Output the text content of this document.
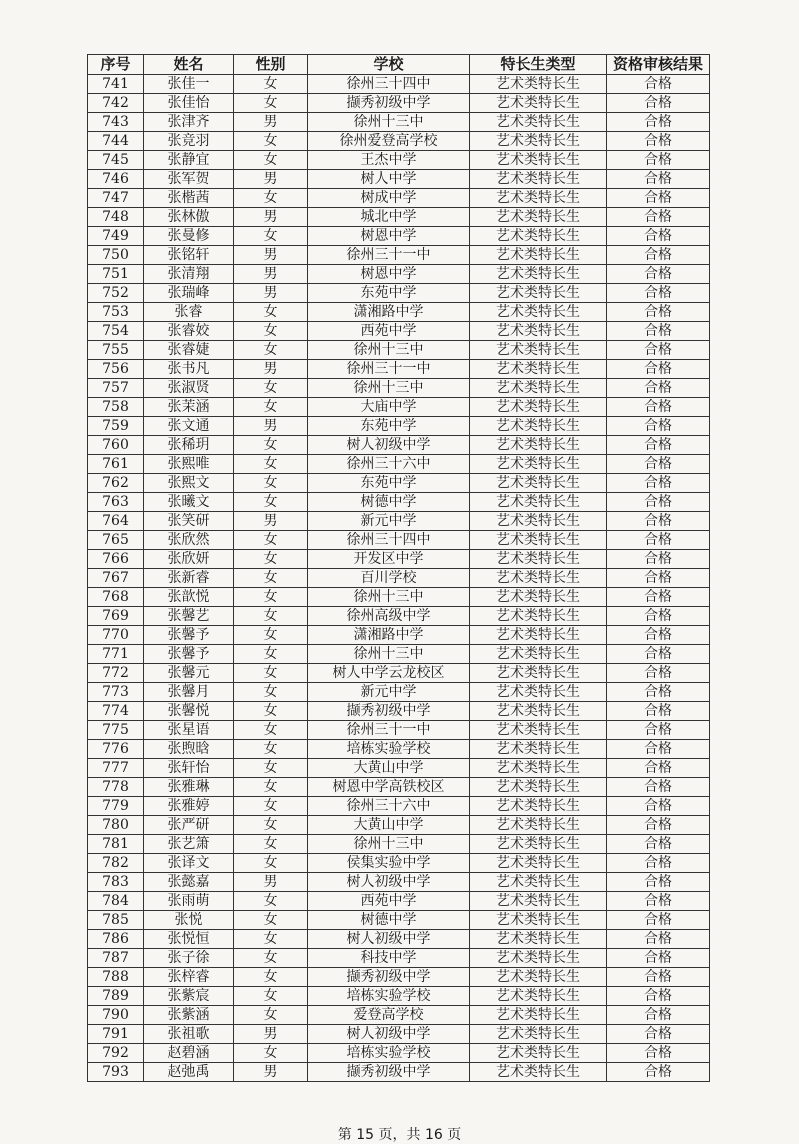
序号	姓名	性别	学校	特长生类型	资格审核结果
741	张佳一	女	徐州三十四中	艺术类特长生	合格
742	张佳怡	女	撷秀初级中学	艺术类特长生	合格
743	张津齐	男	徐州十三中	艺术类特长生	合格
744	张竞羽	女	徐州爱登高学校	艺术类特长生	合格
745	张静宜	女	王杰中学	艺术类特长生	合格
746	张军贺	男	树人中学	艺术类特长生	合格
747	张楷茜	女	树成中学	艺术类特长生	合格
748	张林傲	男	城北中学	艺术类特长生	合格
749	张曼修	女	树恩中学	艺术类特长生	合格
750	张铭轩	男	徐州三十一中	艺术类特长生	合格
751	张清翔	男	树恩中学	艺术类特长生	合格
752	张瑞峰	男	东苑中学	艺术类特长生	合格
753	张睿	女	潇湘路中学	艺术类特长生	合格
754	张睿姣	女	西苑中学	艺术类特长生	合格
755	张睿婕	女	徐州十三中	艺术类特长生	合格
756	张书凡	男	徐州三十一中	艺术类特长生	合格
757	张淑贤	女	徐州十三中	艺术类特长生	合格
758	张茉涵	女	大庙中学	艺术类特长生	合格
759	张文通	男	东苑中学	艺术类特长生	合格
760	张稀玥	女	树人初级中学	艺术类特长生	合格
761	张熙唯	女	徐州三十六中	艺术类特长生	合格
762	张熙文	女	东苑中学	艺术类特长生	合格
763	张曦文	女	树德中学	艺术类特长生	合格
764	张笑研	男	新元中学	艺术类特长生	合格
765	张欣然	女	徐州三十四中	艺术类特长生	合格
766	张欣妍	女	开发区中学	艺术类特长生	合格
767	张新睿	女	百川学校	艺术类特长生	合格
768	张歆悦	女	徐州十三中	艺术类特长生	合格
769	张馨艺	女	徐州高级中学	艺术类特长生	合格
770	张馨予	女	潇湘路中学	艺术类特长生	合格
771	张馨予	女	徐州十三中	艺术类特长生	合格
772	张馨元	女	树人中学云龙校区	艺术类特长生	合格
773	张馨月	女	新元中学	艺术类特长生	合格
774	张馨悦	女	撷秀初级中学	艺术类特长生	合格
775	张星语	女	徐州三十一中	艺术类特长生	合格
776	张煦晗	女	培栋实验学校	艺术类特长生	合格
777	张轩怡	女	大黄山中学	艺术类特长生	合格
778	张雅琳	女	树恩中学高铁校区	艺术类特长生	合格
779	张雅婷	女	徐州三十六中	艺术类特长生	合格
780	张严研	女	大黄山中学	艺术类特长生	合格
781	张艺箫	女	徐州十三中	艺术类特长生	合格
782	张译文	女	侯集实验中学	艺术类特长生	合格
783	张懿嘉	男	树人初级中学	艺术类特长生	合格
784	张雨萌	女	西苑中学	艺术类特长生	合格
785	张悦	女	树德中学	艺术类特长生	合格
786	张悦恒	女	树人初级中学	艺术类特长生	合格
787	张子徐	女	科技中学	艺术类特长生	合格
788	张梓睿	女	撷秀初级中学	艺术类特长生	合格
789	张紫宸	女	培栋实验学校	艺术类特长生	合格
790	张紫涵	女	爱登高学校	艺术类特长生	合格
791	张祖歌	男	树人初级中学	艺术类特长生	合格
792	赵碧涵	女	培栋实验学校	艺术类特长生	合格
793	赵弛禹	男	撷秀初级中学	艺术类特长生	合格
第 15 页，共 16 页
